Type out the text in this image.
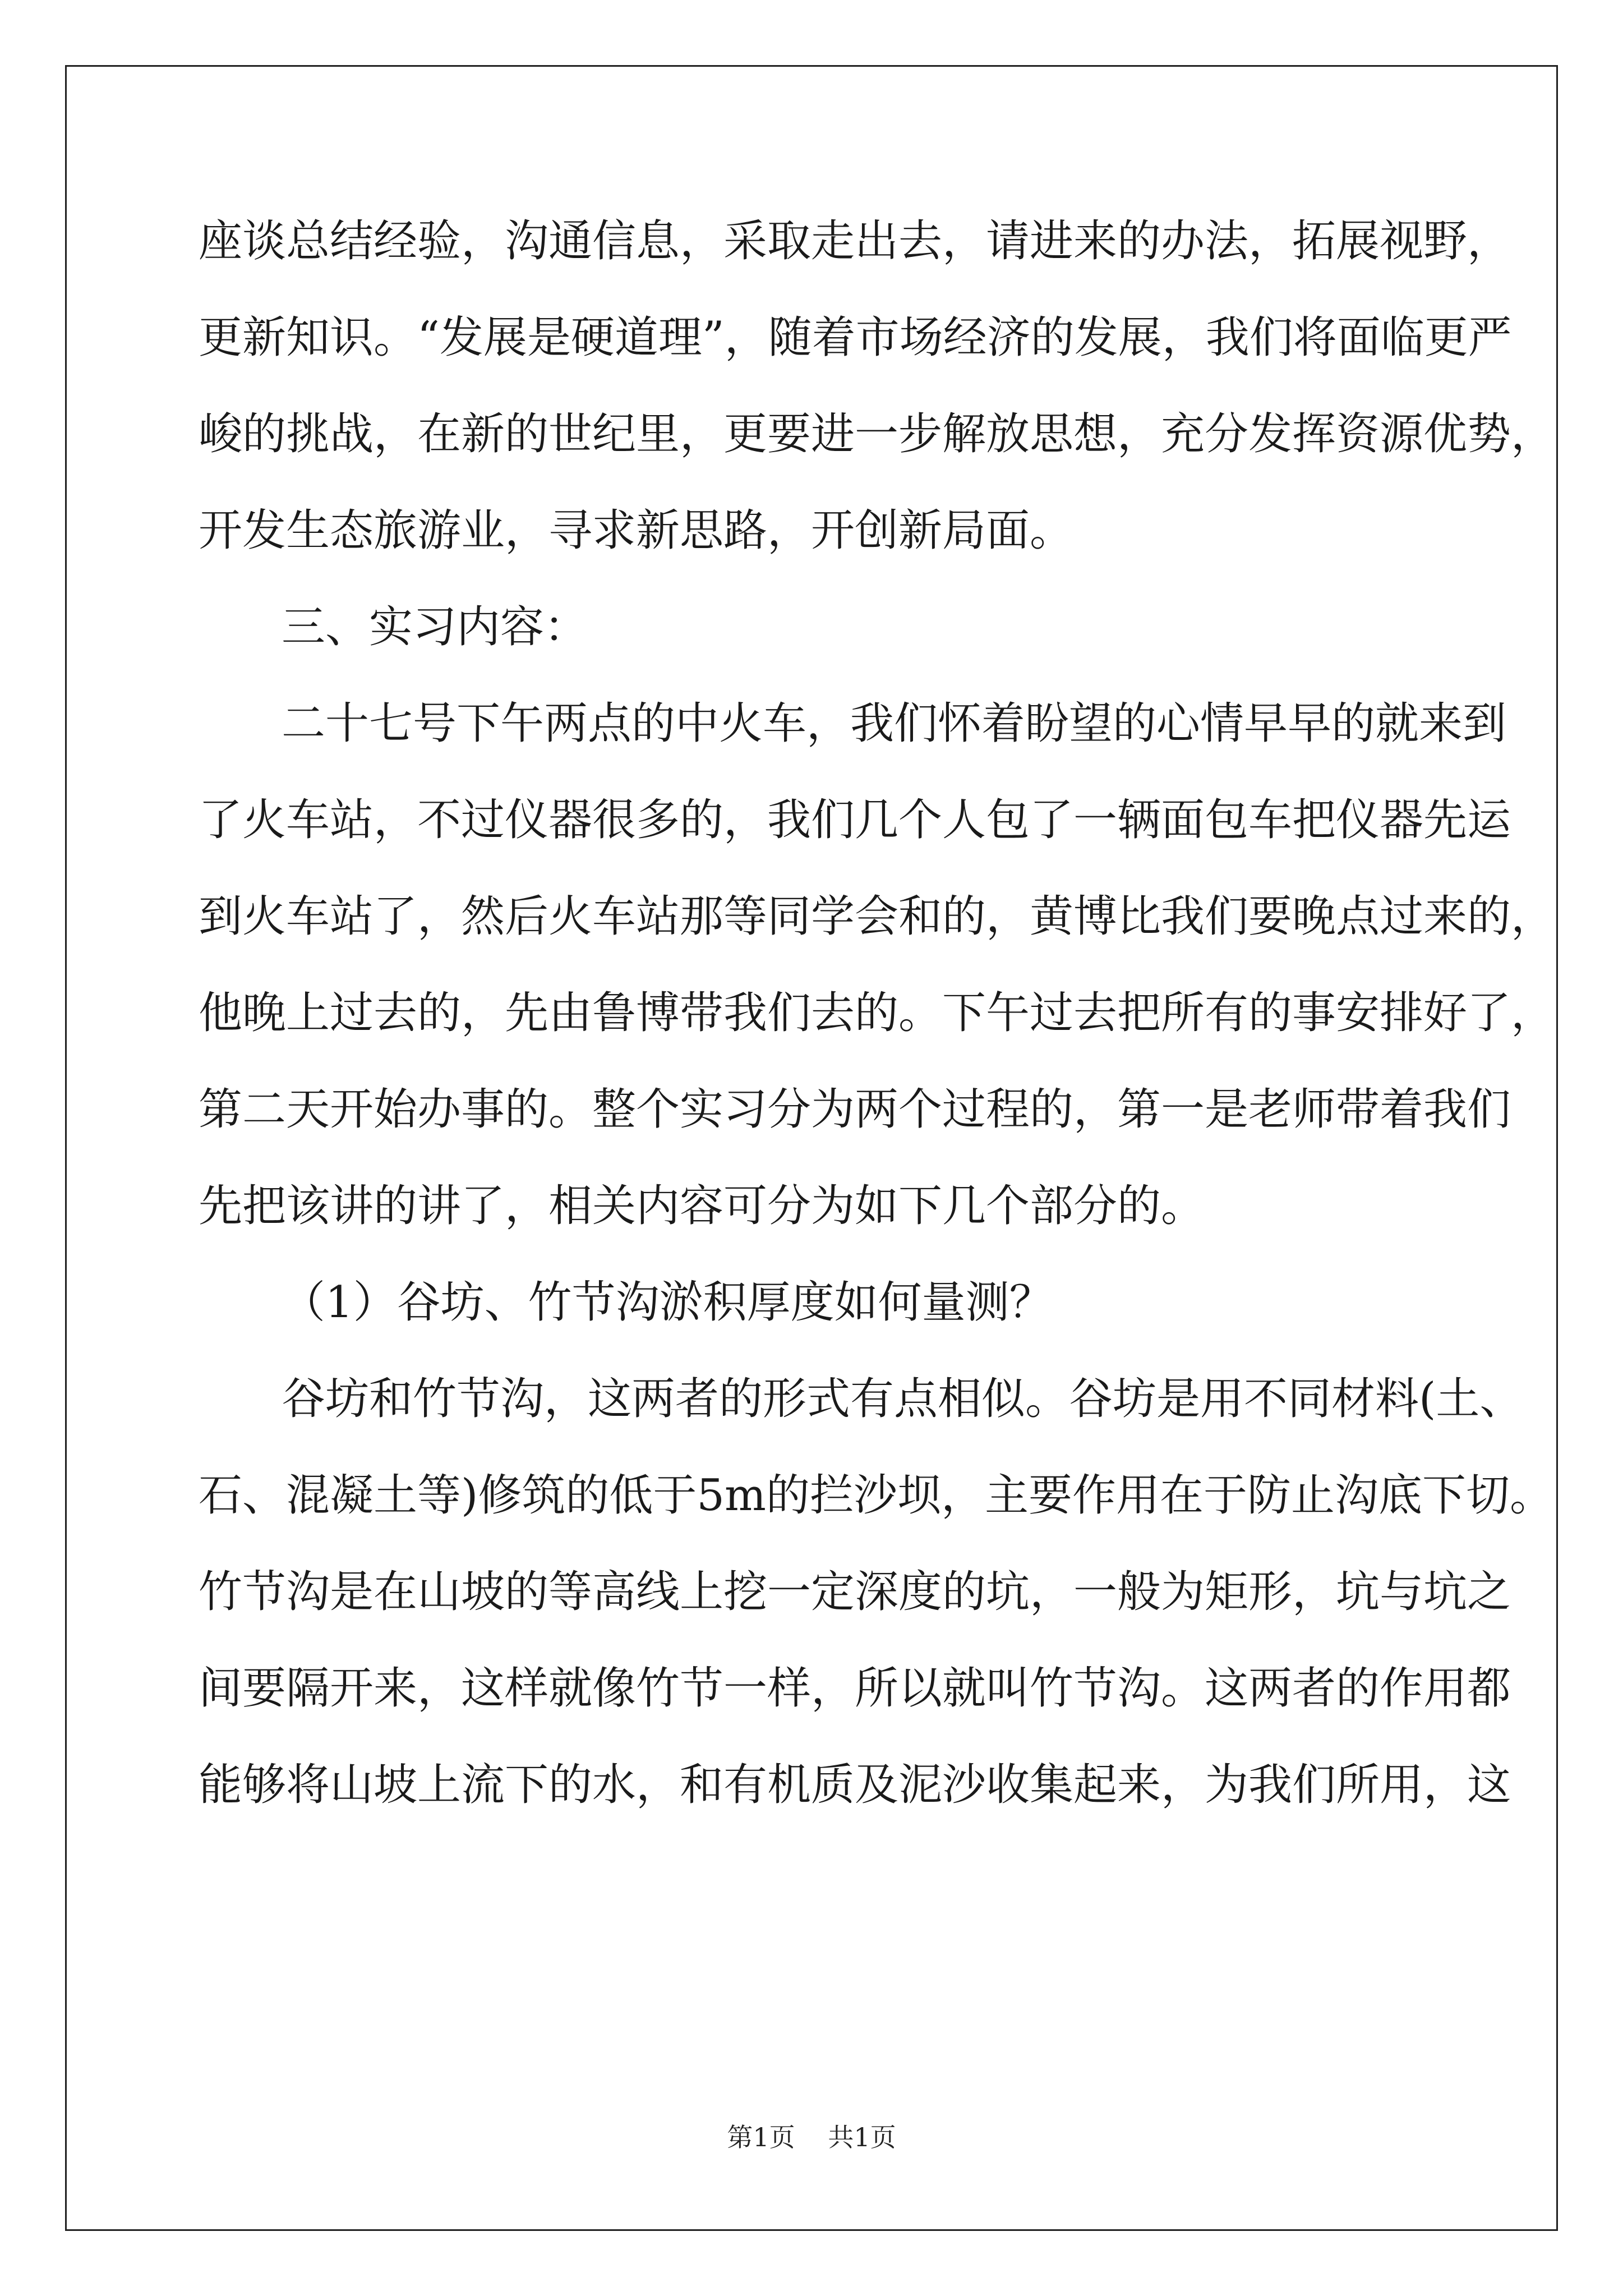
座谈总结经验，沟通信息，采取走出去，请进来的办法，拓展视野，
更新知识。“发展是硬道理”，随着市场经济的发展，我们将面临更严
峻的挑战，在新的世纪里，更要进一步解放思想，充分发挥资源优势，
开发生态旅游业，寻求新思路，开创新局面。
三、实习内容：
二十七号下午两点的中火车，我们怀着盼望的心情早早的就来到
了火车站，不过仪器很多的，我们几个人包了一辆面包车把仪器先运
到火车站了，然后火车站那等同学会和的，黄博比我们要晚点过来的，
他晚上过去的，先由鲁博带我们去的。下午过去把所有的事安排好了，
第二天开始办事的。整个实习分为两个过程的，第一是老师带着我们
先把该讲的讲了，相关内容可分为如下几个部分的。
（1）谷坊、竹节沟淤积厚度如何量测？
谷坊和竹节沟，这两者的形式有点相似。谷坊是用不同材料(土、
石、混凝土等)修筑的低于5m的拦沙坝，主要作用在于防止沟底下切。
竹节沟是在山坡的等高线上挖一定深度的坑，一般为矩形，坑与坑之
间要隔开来，这样就像竹节一样，所以就叫竹节沟。这两者的作用都
能够将山坡上流下的水，和有机质及泥沙收集起来，为我们所用，这
第1页 共1页
